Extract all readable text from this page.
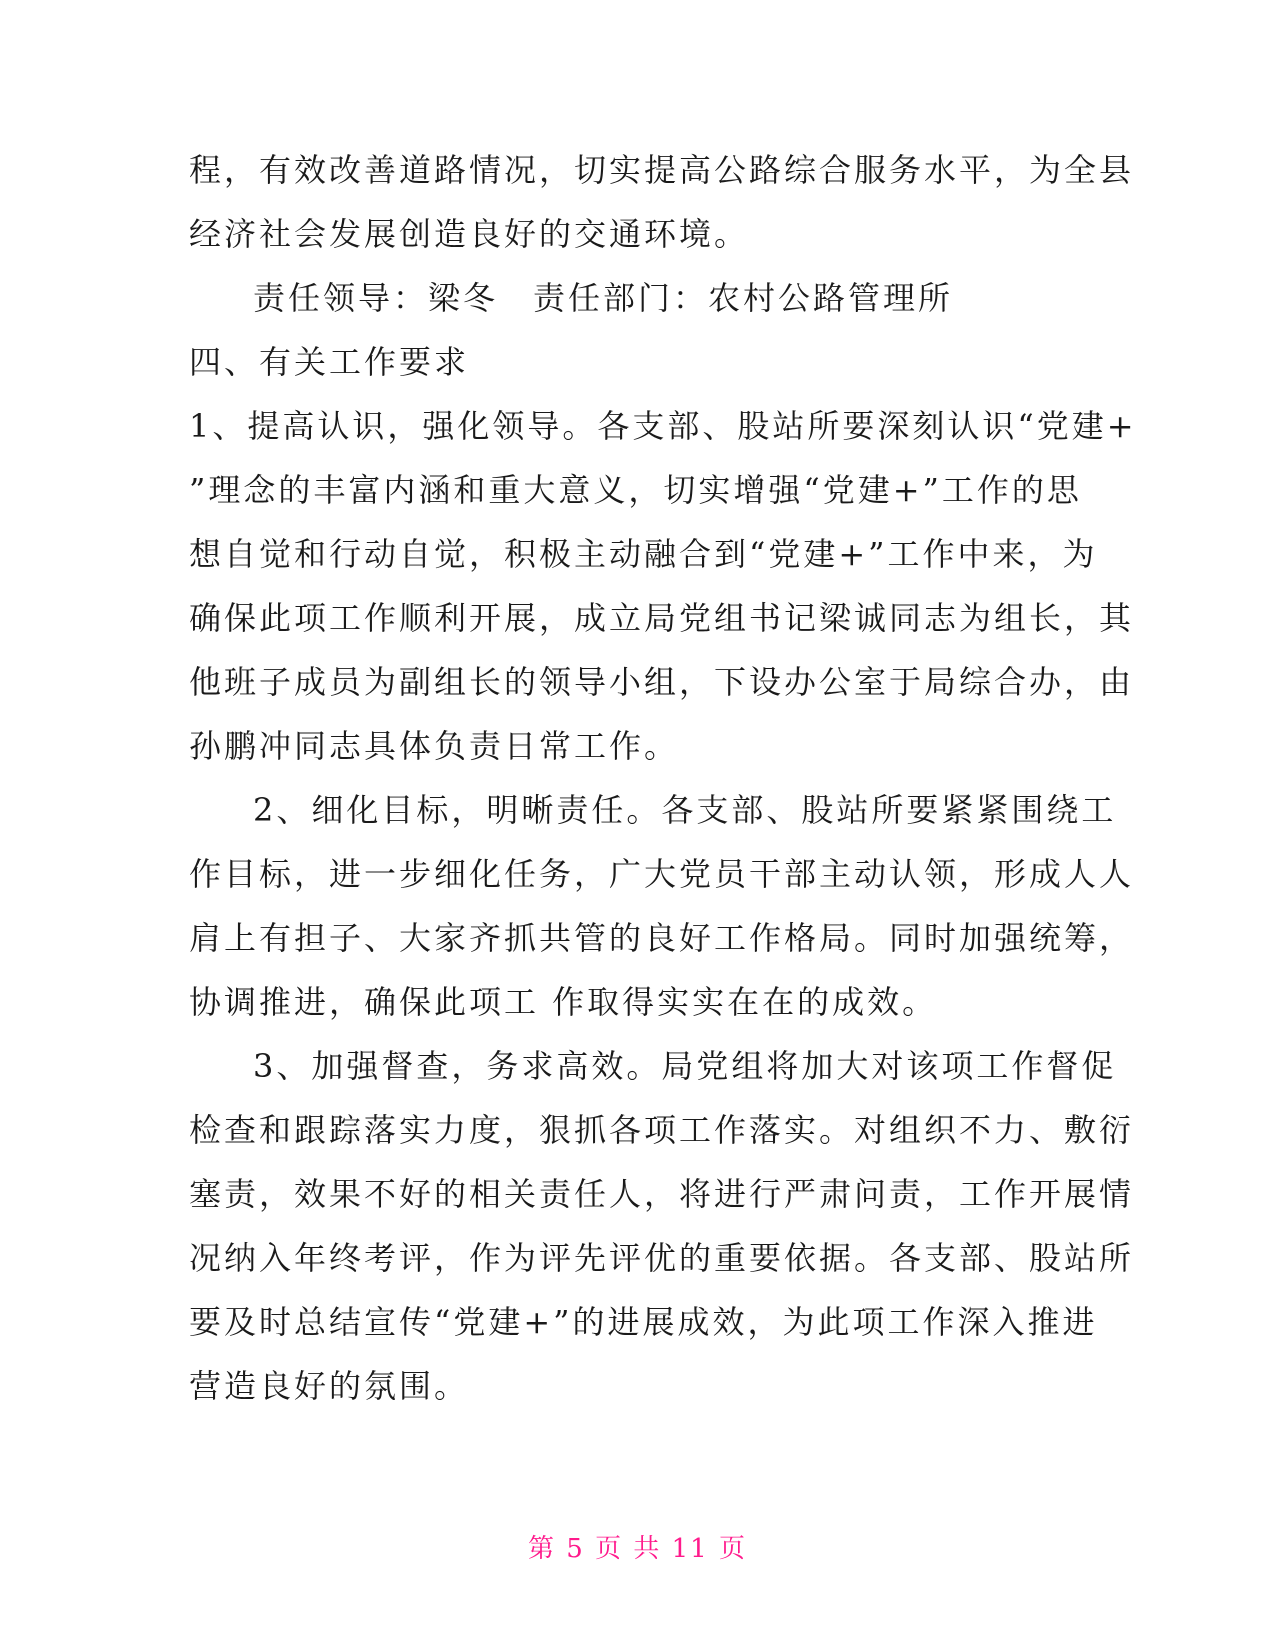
程，有效改善道路情况，切实提高公路综合服务水平，为全县
经济社会发展创造良好的交通环境。
责任领导：梁冬　责任部门：农村公路管理所
四、有关工作要求
1、提高认识，强化领导。各支部、股站所要深刻认识“党建+
”理念的丰富内涵和重大意义，切实增强“党建+”工作的思
想自觉和行动自觉，积极主动融合到“党建+”工作中来，为
确保此项工作顺利开展，成立局党组书记梁诚同志为组长，其
他班子成员为副组长的领导小组，下设办公室于局综合办，由
孙鹏冲同志具体负责日常工作。
2、细化目标，明晰责任。各支部、股站所要紧紧围绕工
作目标，进一步细化任务，广大党员干部主动认领，形成人人
肩上有担子、大家齐抓共管的良好工作格局。同时加强统筹，
协调推进，确保此项工 作取得实实在在的成效。
3、加强督查，务求高效。局党组将加大对该项工作督促
检查和跟踪落实力度，狠抓各项工作落实。对组织不力、敷衍
塞责，效果不好的相关责任人，将进行严肃问责，工作开展情
况纳入年终考评，作为评先评优的重要依据。各支部、股站所
要及时总结宣传“党建+”的进展成效，为此项工作深入推进
营造良好的氛围。
第 5 页 共 11 页
